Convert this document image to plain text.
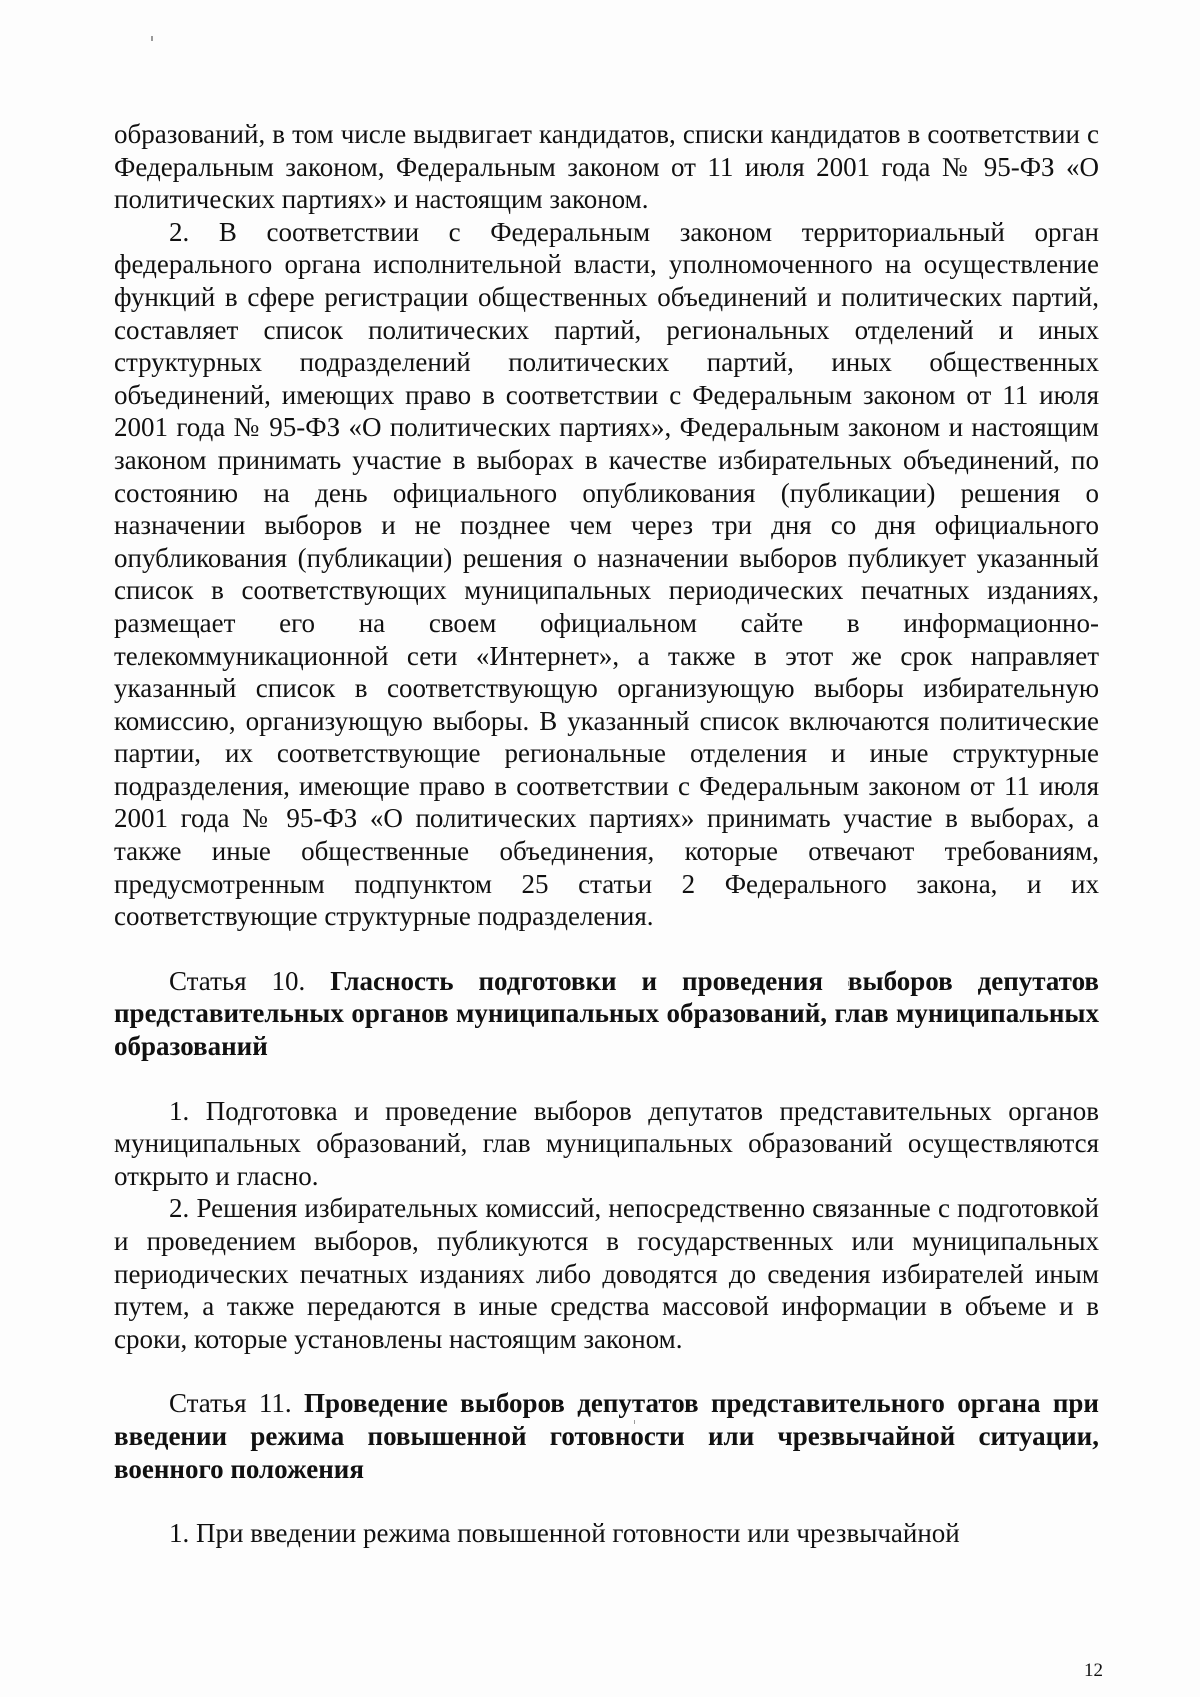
образований, в том числе выдвигает кандидатов, списки кандидатов в соответствии с Федеральным законом, Федеральным законом от 11 июля 2001 года № 95-ФЗ «О политических партиях» и настоящим законом.

2. В соответствии с Федеральным законом территориальный орган федерального органа исполнительной власти, уполномоченного на осуществление функций в сфере регистрации общественных объединений и политических партий, составляет список политических партий, региональных отделений и иных структурных подразделений политических партий, иных общественных объединений, имеющих право в соответствии с Федеральным законом от 11 июля 2001 года № 95-ФЗ «О политических партиях», Федеральным законом и настоящим законом принимать участие в выборах в качестве избирательных объединений, по состоянию на день официального опубликования (публикации) решения о назначении выборов и не позднее чем через три дня со дня официального опубликования (публикации) решения о назначении выборов публикует указанный список в соответствующих муниципальных периодических печатных изданиях, размещает его на своем официальном сайте в информационно-телекоммуникационной сети «Интернет», а также в этот же срок направляет указанный список в соответствующую организующую выборы избирательную комиссию, организующую выборы. В указанный список включаются политические партии, их соответствующие региональные отделения и иные структурные подразделения, имеющие право в соответствии с Федеральным законом от 11 июля 2001 года № 95-ФЗ «О политических партиях» принимать участие в выборах, а также иные общественные объединения, которые отвечают требованиям, предусмотренным подпунктом 25 статьи 2 Федерального закона, и их соответствующие структурные подразделения.

Статья 10. Гласность подготовки и проведения выборов депутатов представительных органов муниципальных образований, глав муниципальных образований

1. Подготовка и проведение выборов депутатов представительных органов муниципальных образований, глав муниципальных образований осуществляются открыто и гласно.

2. Решения избирательных комиссий, непосредственно связанные с подготовкой и проведением выборов, публикуются в государственных или муниципальных периодических печатных изданиях либо доводятся до сведения избирателей иным путем, а также передаются в иные средства массовой информации в объеме и в сроки, которые установлены настоящим законом.

Статья 11. Проведение выборов депутатов представительного органа при введении режима повышенной готовности или чрезвычайной ситуации, военного положения

1. При введении режима повышенной готовности или чрезвычайной

12
